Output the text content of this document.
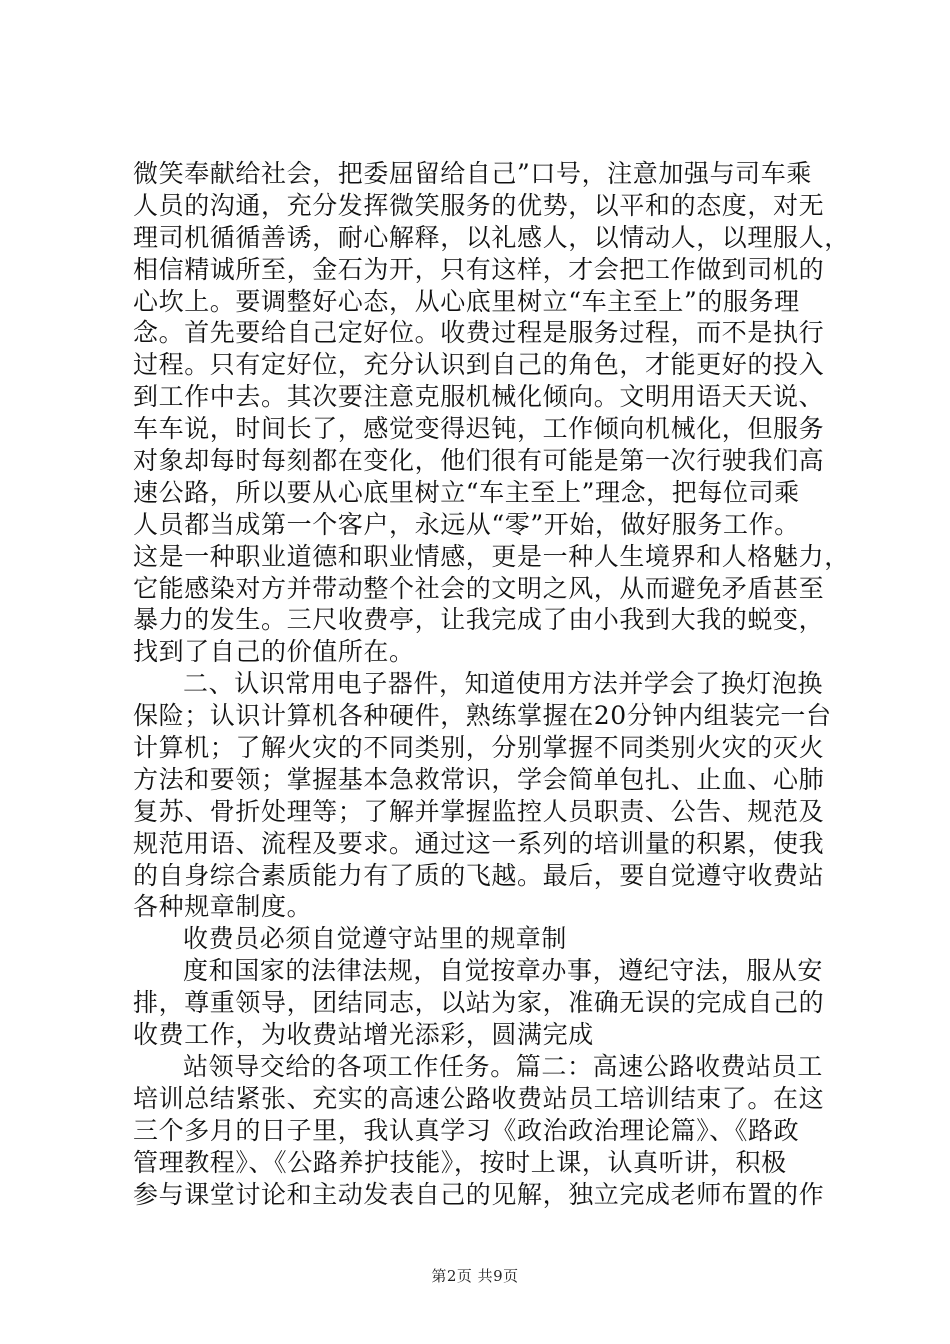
微笑奉献给社会，把委屈留给自己”口号，注意加强与司车乘
人员的沟通，充分发挥微笑服务的优势，以平和的态度，对无
理司机循循善诱，耐心解释，以礼感人，以情动人，以理服人，
相信精诚所至，金石为开，只有这样，才会把工作做到司机的
心坎上。要调整好心态，从心底里树立“车主至上”的服务理
念。首先要给自己定好位。收费过程是服务过程，而不是执行
过程。只有定好位，充分认识到自己的角色，才能更好的投入
到工作中去。其次要注意克服机械化倾向。文明用语天天说、
车车说，时间长了，感觉变得迟钝，工作倾向机械化，但服务
对象却每时每刻都在变化，他们很有可能是第一次行驶我们高
速公路，所以要从心底里树立“车主至上”理念，把每位司乘
人员都当成第一个客户，永远从“零”开始，做好服务工作。
这是一种职业道德和职业情感，更是一种人生境界和人格魅力，
它能感染对方并带动整个社会的文明之风，从而避免矛盾甚至
暴力的发生。三尺收费亭，让我完成了由小我到大我的蜕变，
找到了自己的价值所在。
二、认识常用电子器件，知道使用方法并学会了换灯泡换
保险；认识计算机各种硬件，熟练掌握在20分钟内组装完一台
计算机；了解火灾的不同类别，分别掌握不同类别火灾的灭火
方法和要领；掌握基本急救常识，学会简单包扎、止血、心肺
复苏、骨折处理等；了解并掌握监控人员职责、公告、规范及
规范用语、流程及要求。通过这一系列的培训量的积累，使我
的自身综合素质能力有了质的飞越。最后，要自觉遵守收费站
各种规章制度。
收费员必须自觉遵守站里的规章制
度和国家的法律法规，自觉按章办事，遵纪守法，服从安
排，尊重领导，团结同志，以站为家，准确无误的完成自己的
收费工作，为收费站增光添彩，圆满完成
站领导交给的各项工作任务。篇二：高速公路收费站员工
培训总结紧张、充实的高速公路收费站员工培训结束了。在这
三个多月的日子里，我认真学习《政治政治理论篇》、《路政
管理教程》、《公路养护技能》，按时上课，认真听讲，积极
参与课堂讨论和主动发表自己的见解，独立完成老师布置的作
第2页 共9页
